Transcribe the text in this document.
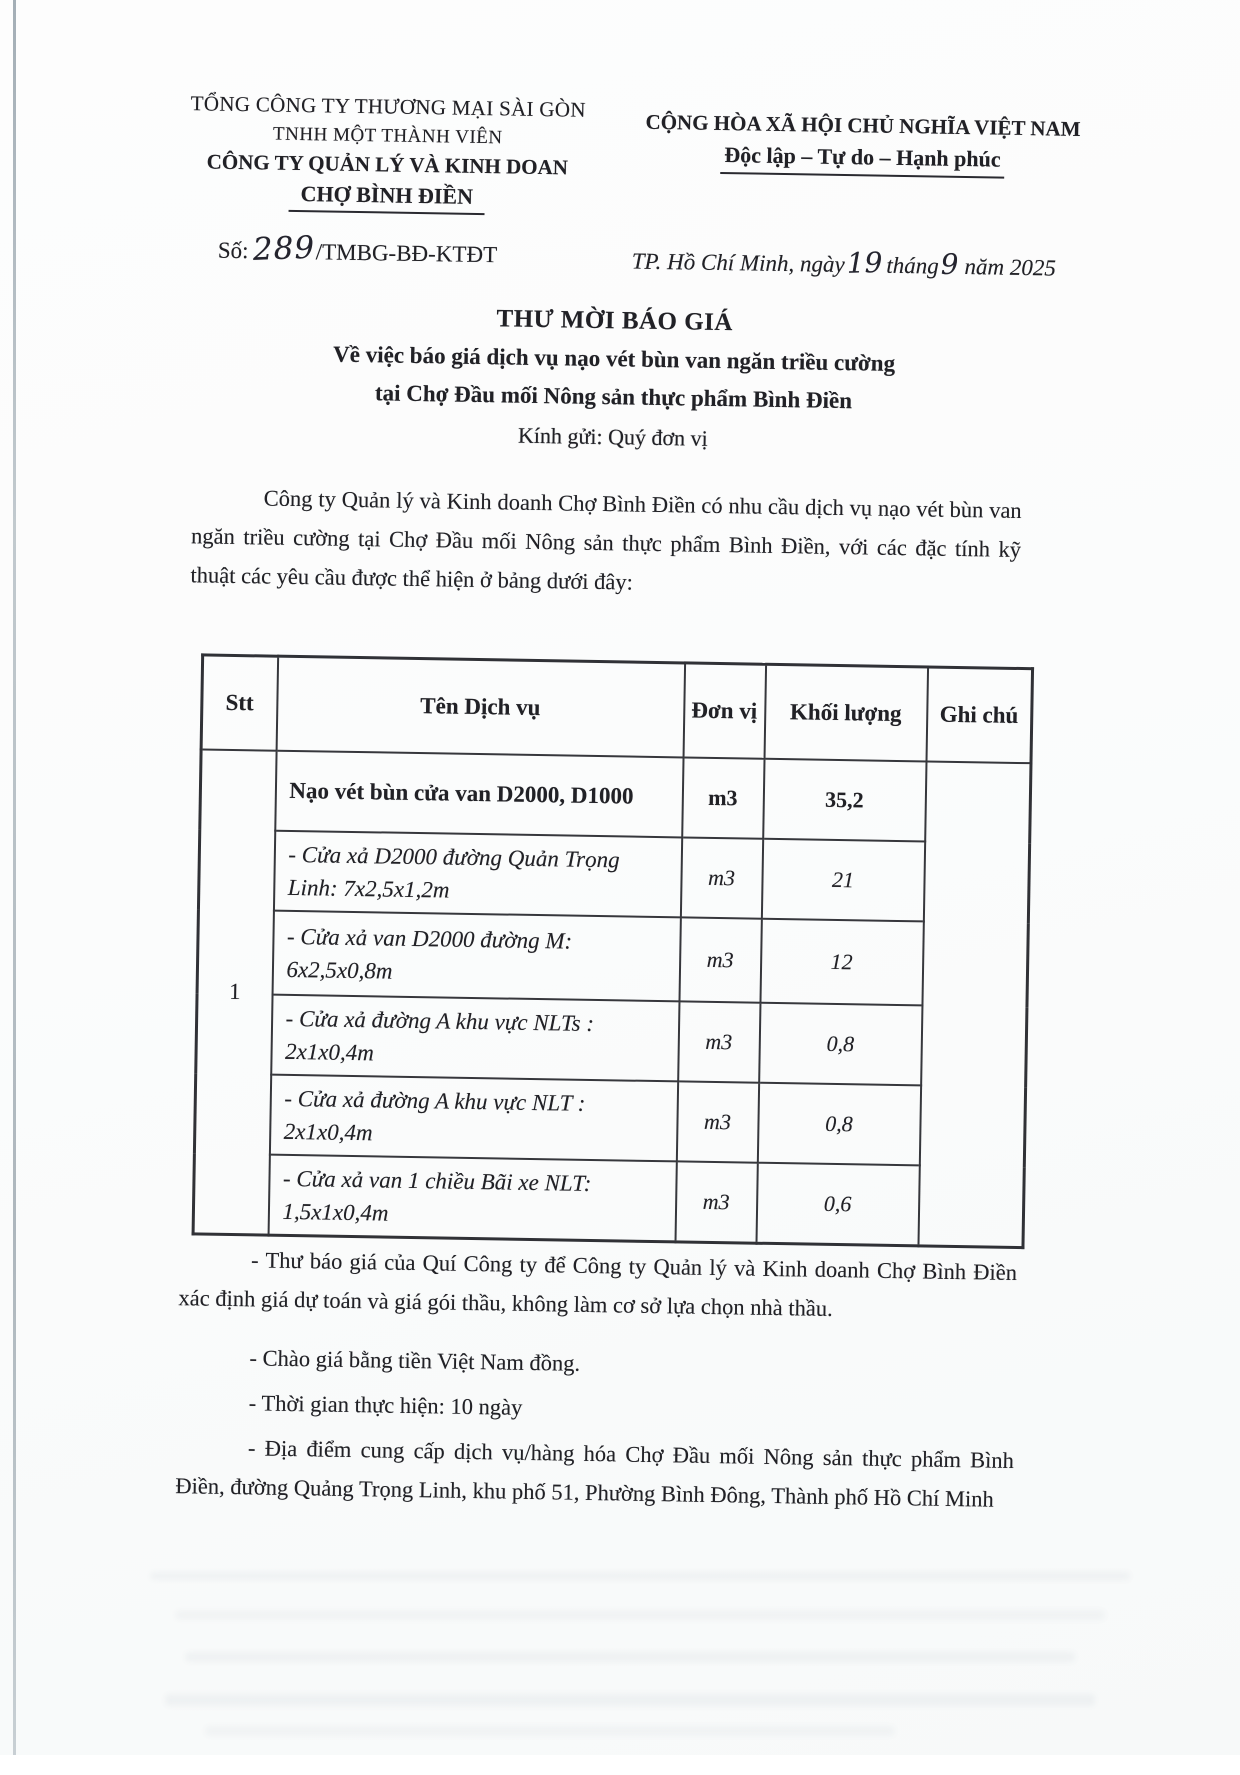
TỔNG CÔNG TY THƯƠNG MẠI SÀI GÒN
TNHH MỘT THÀNH VIÊN
CÔNG TY QUẢN LÝ VÀ KINH DOAN
CHỢ BÌNH ĐIỀN
CỘNG HÒA XÃ HỘI CHỦ NGHĨA VIỆT NAM
Độc lập – Tự do – Hạnh phúc
Số: 289/TMBG-BĐ-KTĐT	TP. Hồ Chí Minh, ngày19 tháng9 năm 2025
THƯ MỜI BÁO GIÁ
Về việc báo giá dịch vụ nạo vét bùn van ngăn triều cường
tại Chợ Đầu mối Nông sản thực phẩm Bình Điền
Kính gửi: Quý đơn vị

Công ty Quản lý và Kinh doanh Chợ Bình Điền có nhu cầu dịch vụ nạo vét bùn van ngăn triều cường tại Chợ Đầu mối Nông sản thực phẩm Bình Điền, với các đặc tính kỹ thuật các yêu cầu được thể hiện ở bảng dưới đây:

Stt	Tên Dịch vụ	Đơn vị	Khối lượng	Ghi chú
1	Nạo vét bùn cửa van D2000, D1000	m3	35,2	
	- Cửa xả D2000 đường Quản Trọng Linh: 7x2,5x1,2m	m3	21	
	- Cửa xả van D2000 đường M: 6x2,5x0,8m	m3	12	
	- Cửa xả đường A khu vực NLTs : 2x1x0,4m	m3	0,8	
	- Cửa xả đường A khu vực NLT : 2x1x0,4m	m3	0,8	
	- Cửa xả van 1 chiều Bãi xe NLT: 1,5x1x0,4m	m3	0,6	

- Thư báo giá của Quí Công ty để Công ty Quản lý và Kinh doanh Chợ Bình Điền xác định giá dự toán và giá gói thầu, không làm cơ sở lựa chọn nhà thầu.

- Chào giá bằng tiền Việt Nam đồng.

- Thời gian thực hiện: 10 ngày

- Địa điểm cung cấp dịch vụ/hàng hóa Chợ Đầu mối Nông sản thực phẩm Bình Điền, đường Quảng Trọng Linh, khu phố 51, Phường Bình Đông, Thành phố Hồ Chí Minh
